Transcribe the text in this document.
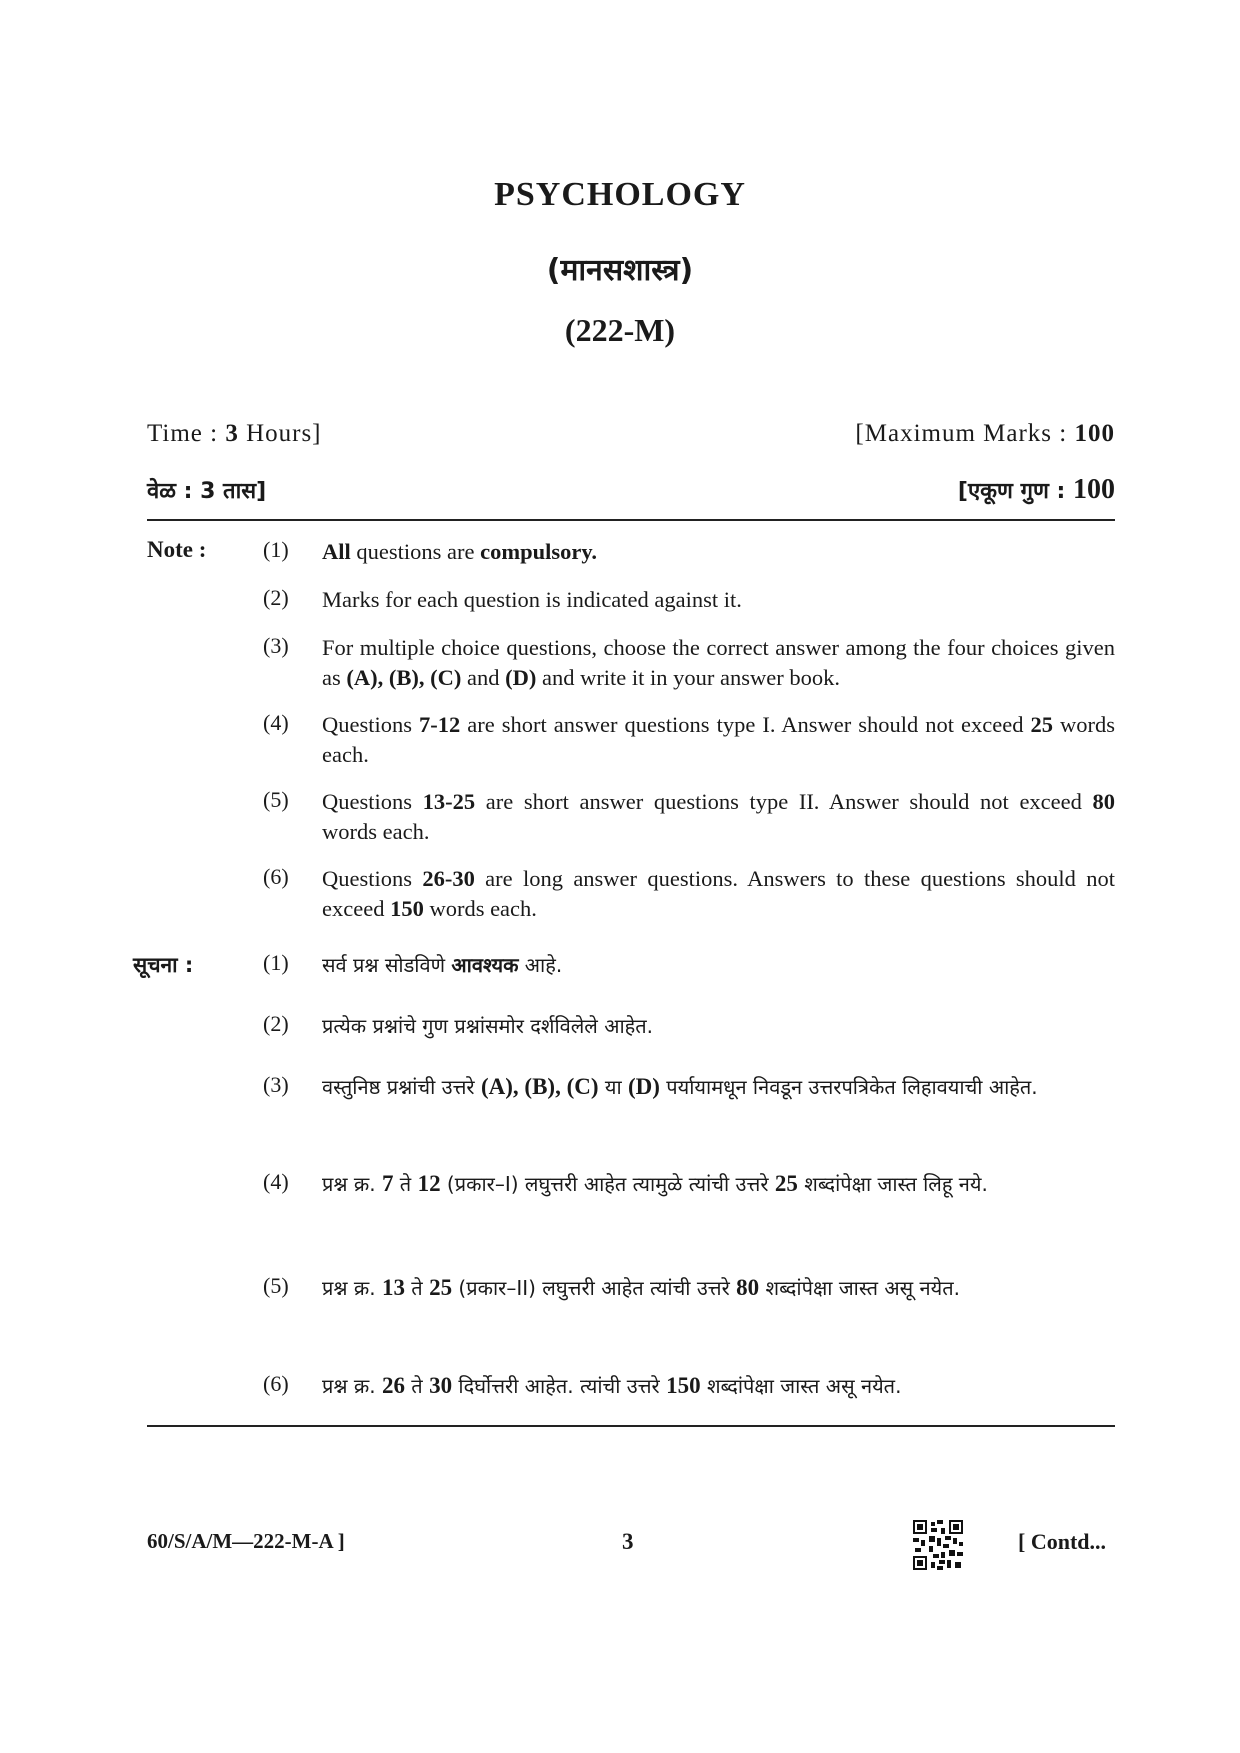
PSYCHOLOGY
(मानसशास्त्र)
(222-M)
Time : 3 Hours]	[Maximum Marks : 100
वेळ : 3 तास]	[एकूण गुण : 100
Note :	(1) All questions are compulsory.
(2) Marks for each question is indicated against it.
(3) For multiple choice questions, choose the correct answer among the four choices given as (A), (B), (C) and (D) and write it in your answer book.
(4) Questions 7-12 are short answer questions type I. Answer should not exceed 25 words each.
(5) Questions 13-25 are short answer questions type II. Answer should not exceed 80 words each.
(6) Questions 26-30 are long answer questions. Answers to these questions should not exceed 150 words each.
सूचना :	(1) सर्व प्रश्न सोडविणे आवश्यक आहे.
(2) प्रत्येक प्रश्नांचे गुण प्रश्नांसमोर दर्शविलेले आहेत.
(3) वस्तुनिष्ठ प्रश्नांची उत्तरे (A), (B), (C) या (D) पर्यायामधून निवडून उत्तरपत्रिकेत लिहावयाची आहेत.
(4) प्रश्न क्र. 7 ते 12 (प्रकार–I) लघुत्तरी आहेत त्यामुळे त्यांची उत्तरे 25 शब्दांपेक्षा जास्त लिहू नये.
(5) प्रश्न क्र. 13 ते 25 (प्रकार–II) लघुत्तरी आहेत त्यांची उत्तरे 80 शब्दांपेक्षा जास्त असू नयेत.
(6) प्रश्न क्र. 26 ते 30 दिर्घोत्तरी आहेत. त्यांची उत्तरे 150 शब्दांपेक्षा जास्त असू नयेत.
60/S/A/M—222-M-A ]	3	[ Contd...
